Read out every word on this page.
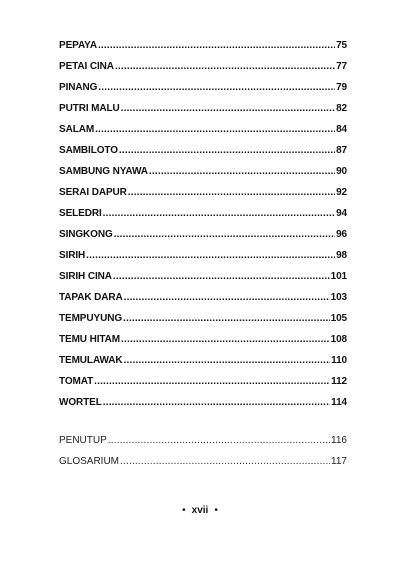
PEPAYA .....	75
PETAI CINA .....	77
PINANG .....	79
PUTRI MALU .....	82
SALAM .....	84
SAMBILOTO .....	87
SAMBUNG NYAWA .....	90
SERAI DAPUR .....	92
SELEDRI .....	94
SINGKONG .....	96
SIRIH .....	98
SIRIH CINA .....	101
TAPAK DARA .....	103
TEMPUYUNG .....	105
TEMU HITAM .....	108
TEMULAWAK .....	110
TOMAT .....	112
WORTEL .....	114
PENUTUP .....	116
GLOSARIUM .....	117
• xvii •
